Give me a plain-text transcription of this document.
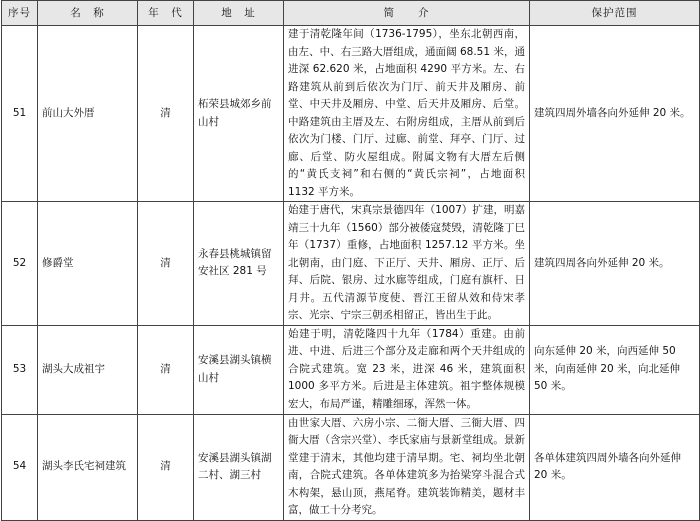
序号	名　称	年　代	地　址	简　　介	保护范围
51	前山大外厝	清	柘荣县城郊乡前山村	建于清乾隆年间（1736-1795），坐东北朝西南，由左、中、右三路大厝组成，通面阔 68.51 米，通进深 62.620 米，占地面积 4290 平方米。左、右路建筑从前到后依次为门厅、前天井及厢房、前堂、中天井及厢房、中堂、后天井及厢房、后堂。中路建筑由主厝及左、右附房组成，主厝从前到后依次为门楼、门厅、过廊、前堂、拜亭、门厅、过廊、后堂、防火屋组成。附属文物有大厝左后侧的“黄氏支祠”和右侧的“黄氏宗祠”，占地面积 1132 平方米。	建筑四周外墙各向外延伸 20 米。
52	修爵堂	清	永春县桃城镇留安社区 281 号	始建于唐代，宋真宗景德四年（1007）扩建，明嘉靖三十九年（1560）部分被倭寇焚毁，清乾隆丁巳年（1737）重修，占地面积 1257.12 平方米。坐北朝南，由门庭、下正厅、天井、厢房、正厅、后拜、后院、银房、过水廊等组成，门庭有旗杆、日月井。五代清源节度使、晋江王留从效和侍宋孝宗、光宗、宁宗三朝丞相留正，皆出生于此。	建筑四周各向外延伸 20 米。
53	湖头大成祖宇	清	安溪县湖头镇横山村	始建于明，清乾隆四十九年（1784）重建。由前进、中进、后进三个部分及走廊和两个天井组成的合院式建筑。宽 23 米，进深 46 米，建筑面积 1000 多平方米。后进是主体建筑。祖宇整体规模宏大，布局严谨，精雕细琢，浑然一体。	向东延伸 20 米，向西延伸 50 米，向南延伸 20 米，向北延伸 50 米。
54	湖头李氏宅祠建筑	清	安溪县湖头镇湖二村、湖三村	由世家大厝、六房小宗、二衙大厝、三衙大厝、四衙大厝（含宗兴堂）、李氏家庙与景新堂组成。景新堂建于清末，其他均建于清早期。宅、祠均坐北朝南，合院式建筑。各单体建筑多为抬梁穿斗混合式木构架，悬山顶，燕尾脊。建筑装饰精美，题材丰富，做工十分考究。	各单体建筑四周外墙各向外延伸 20 米。
